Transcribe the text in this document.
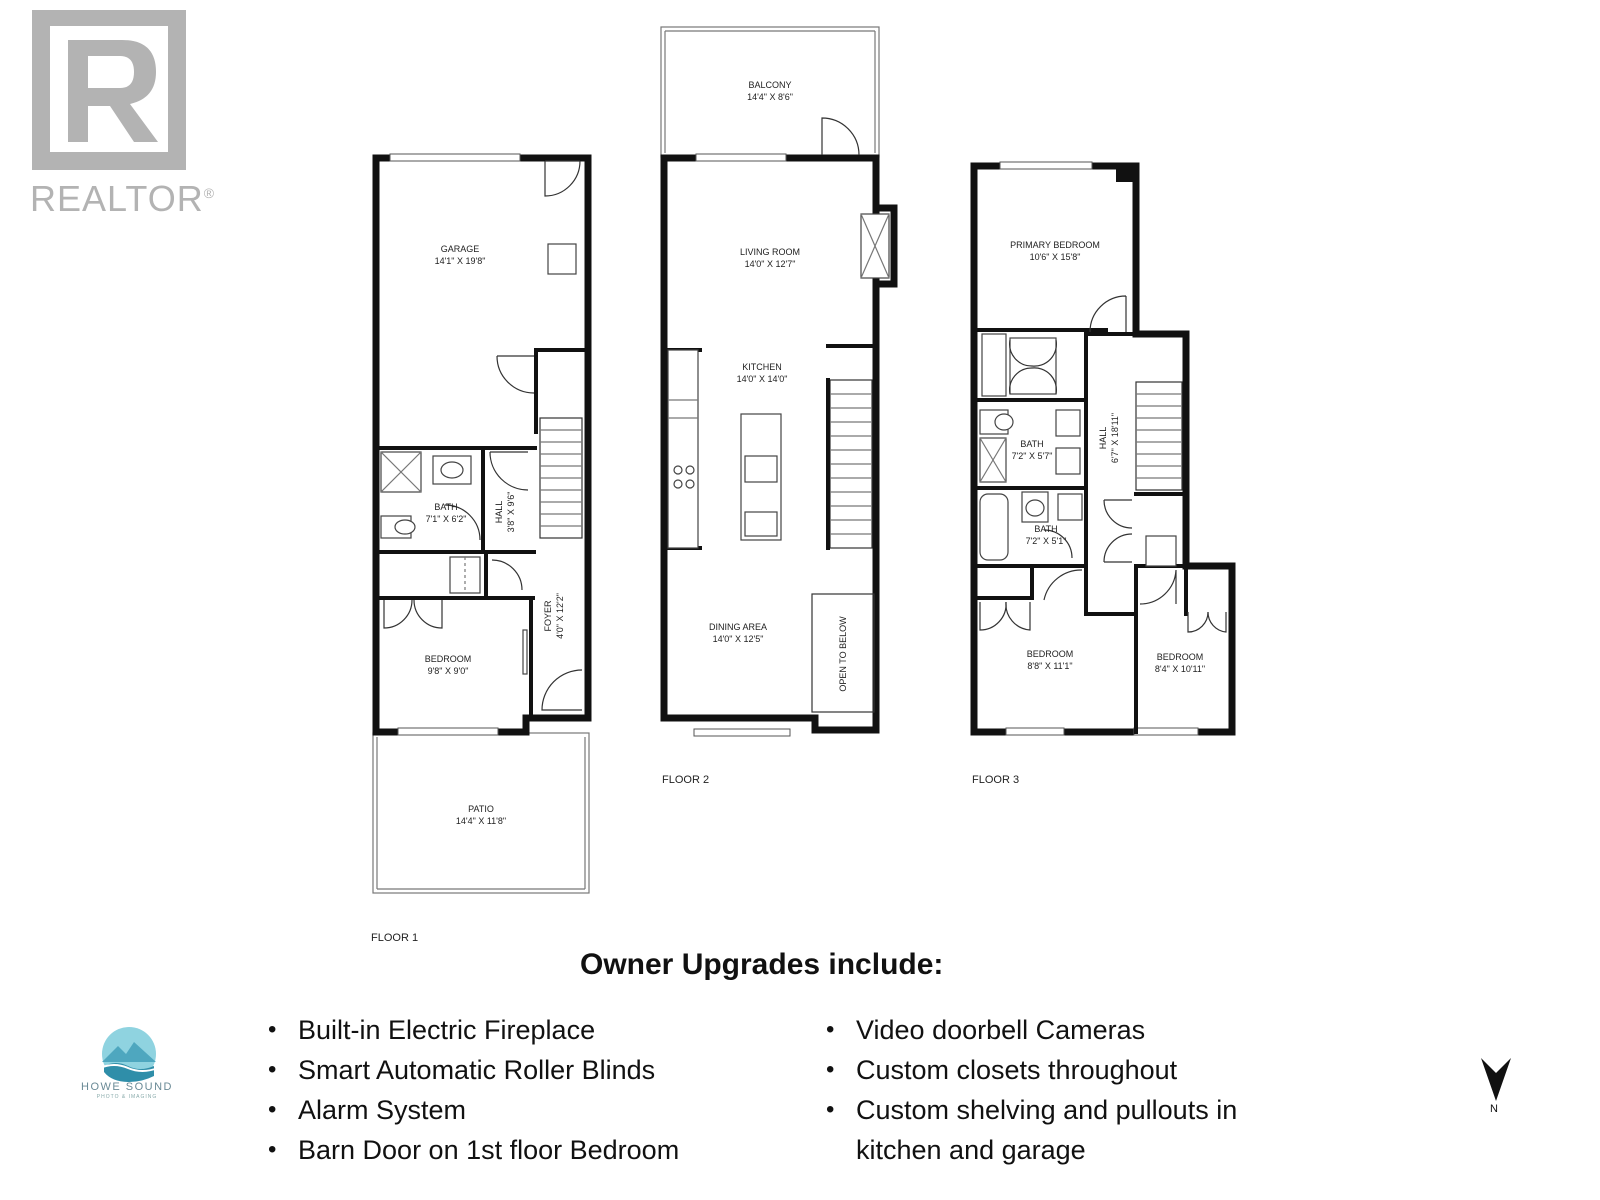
REALTOR®
GARAGE
14'1" X 19'8"
BATH
7'1" X 6'2"	HALL 3'8" X 9'6"
FOYER 4'0" X 12'2"
BEDROOM
9'8" X 9'0"
PATIO
14'4" X 11'8"
FLOOR 1
OPEN TO BELOW
BALCONY
14'4" X 8'6"
LIVING ROOM
14'0" X 12'7"
KITCHEN
14'0" X 14'0"
DINING AREA
14'0" X 12'5"
FLOOR 2
PRIMARY BEDROOM
10'6" X 15'8"
BATH
7'2" X 5'7"
HALL 6'7" X 18'11"
BATH
7'2" X 5'1"
BEDROOM
8'8" X 11'1"
BEDROOM
8'4" X 10'11"
FLOOR 3
Owner Upgrades include:
• Built-in Electric Fireplace
• Smart Automatic Roller Blinds
• Alarm System
• Barn Door on 1st floor Bedroom
• Video doorbell Cameras
• Custom closets throughout
• Custom shelving and pullouts in
kitchen and garage
HOWE SOUND
PHOTO & IMAGING
N
